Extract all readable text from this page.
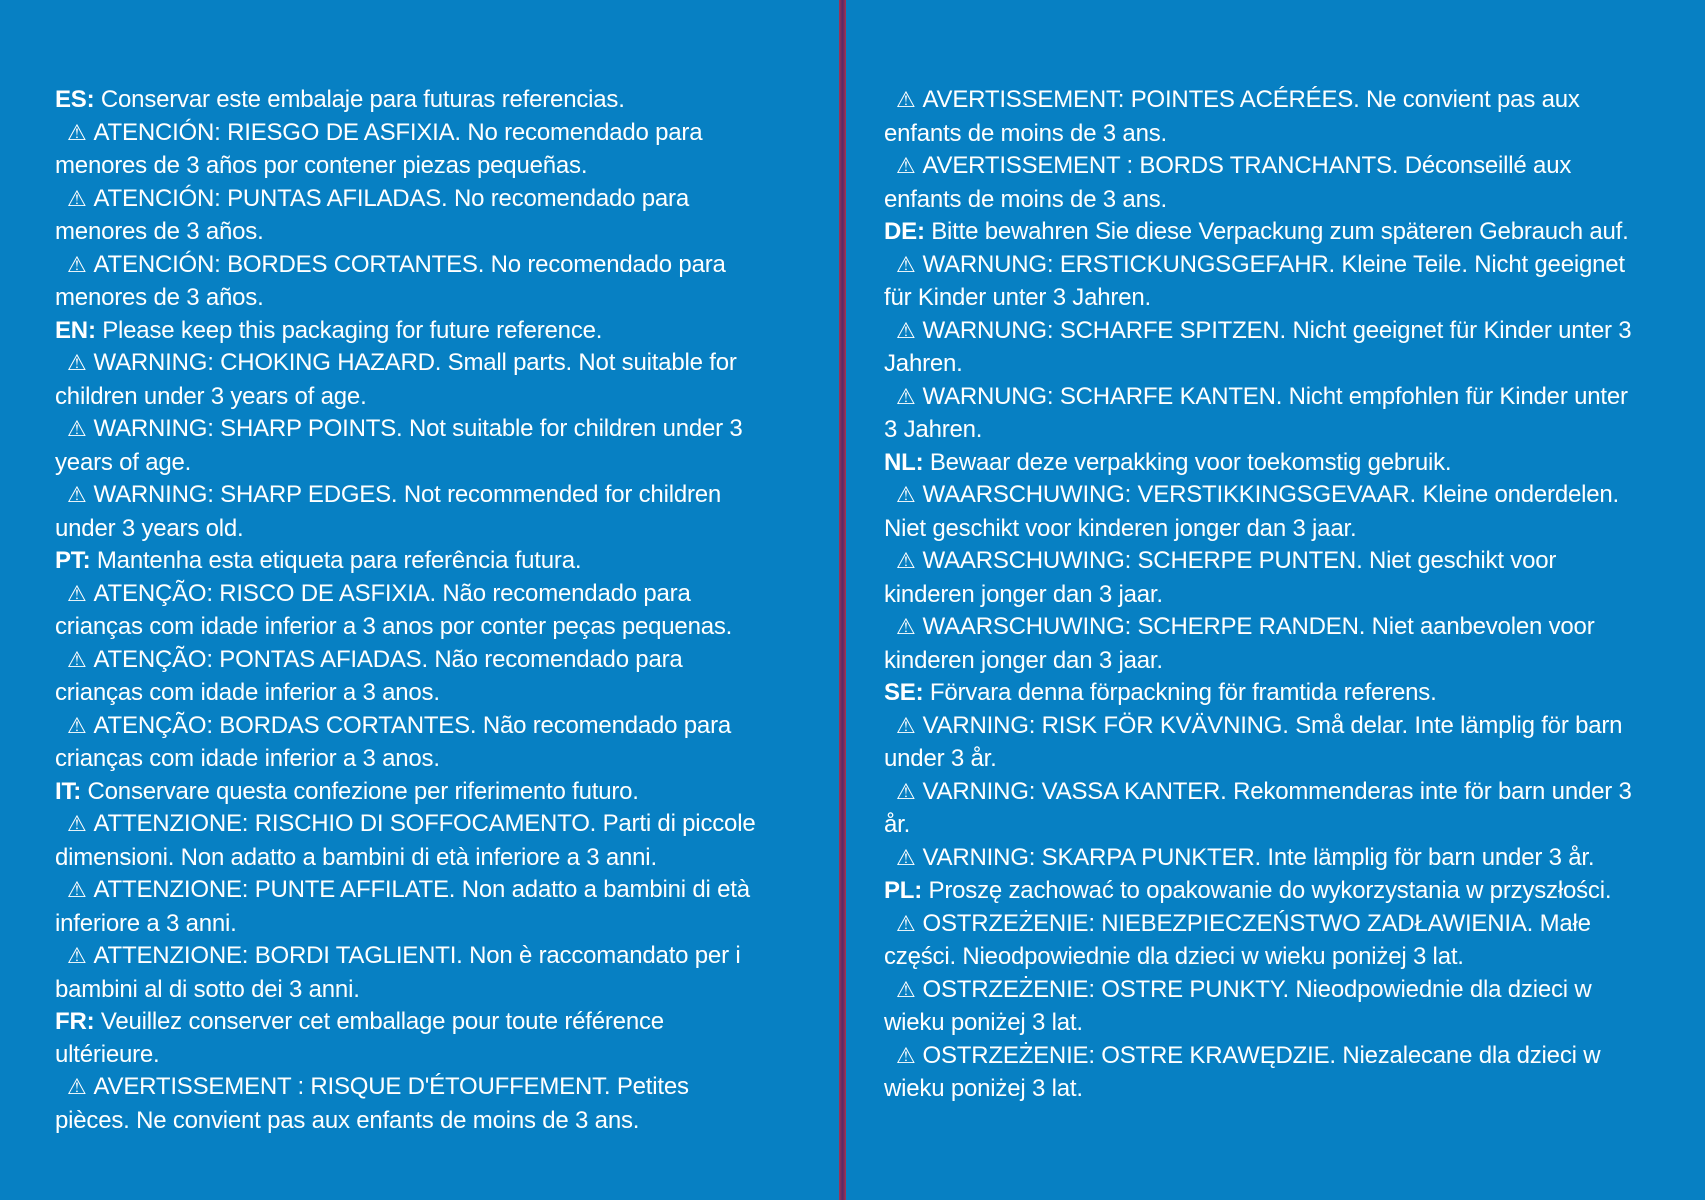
ES: Conservar este embalaje para futuras referencias.

⚠ ATENCIÓN: RIESGO DE ASFIXIA. No recomendado para menores de 3 años por contener piezas pequeñas.

⚠ ATENCIÓN: PUNTAS AFILADAS. No recomendado para menores de 3 años.

⚠ ATENCIÓN: BORDES CORTANTES. No recomendado para menores de 3 años.

EN: Please keep this packaging for future reference.

⚠ WARNING: CHOKING HAZARD. Small parts. Not suitable for children under 3 years of age.

⚠ WARNING: SHARP POINTS. Not suitable for children under 3 years of age.

⚠ WARNING: SHARP EDGES. Not recommended for children under 3 years old.

PT: Mantenha esta etiqueta para referência futura.

⚠ ATENÇÃO: RISCO DE ASFIXIA. Não recomendado para crianças com idade inferior a 3 anos por conter peças pequenas.

⚠ ATENÇÃO: PONTAS AFIADAS. Não recomendado para crianças com idade inferior a 3 anos.

⚠ ATENÇÃO: BORDAS CORTANTES. Não recomendado para crianças com idade inferior a 3 anos.

IT: Conservare questa confezione per riferimento futuro.

⚠ ATTENZIONE: RISCHIO DI SOFFOCAMENTO. Parti di piccole dimensioni. Non adatto a bambini di età inferiore a 3 anni.

⚠ ATTENZIONE: PUNTE AFFILATE. Non adatto a bambini di età inferiore a 3 anni.

⚠ ATTENZIONE: BORDI TAGLIENTI. Non è raccomandato per i bambini al di sotto dei 3 anni.

FR: Veuillez conserver cet emballage pour toute référence ultérieure.

⚠ AVERTISSEMENT : RISQUE D'ÉTOUFFEMENT. Petites pièces. Ne convient pas aux enfants de moins de 3 ans.

⚠ AVERTISSEMENT: POINTES ACÉRÉES. Ne convient pas aux enfants de moins de 3 ans.

⚠ AVERTISSEMENT : BORDS TRANCHANTS. Déconseillé aux enfants de moins de 3 ans.

DE: Bitte bewahren Sie diese Verpackung zum späteren Gebrauch auf.

⚠ WARNUNG: ERSTICKUNGSGEFAHR. Kleine Teile. Nicht geeignet für Kinder unter 3 Jahren.

⚠ WARNUNG: SCHARFE SPITZEN. Nicht geeignet für Kinder unter 3 Jahren.

⚠ WARNUNG: SCHARFE KANTEN. Nicht empfohlen für Kinder unter 3 Jahren.

NL: Bewaar deze verpakking voor toekomstig gebruik.

⚠ WAARSCHUWING: VERSTIKKINGSGEVAAR. Kleine onderdelen. Niet geschikt voor kinderen jonger dan 3 jaar.

⚠ WAARSCHUWING: SCHERPE PUNTEN. Niet geschikt voor kinderen jonger dan 3 jaar.

⚠ WAARSCHUWING: SCHERPE RANDEN. Niet aanbevolen voor kinderen jonger dan 3 jaar.

SE: Förvara denna förpackning för framtida referens.

⚠ VARNING: RISK FÖR KVÄVNING. Små delar. Inte lämplig för barn under 3 år.

⚠ VARNING: VASSA KANTER. Rekommenderas inte för barn under 3 år.

⚠ VARNING: SKARPA PUNKTER. Inte lämplig för barn under 3 år.

PL: Proszę zachować to opakowanie do wykorzystania w przyszłości.

⚠ OSTRZEŻENIE: NIEBEZPIECZEŃSTWO ZADŁAWIENIA. Małe części. Nieodpowiednie dla dzieci w wieku poniżej 3 lat.

⚠ OSTRZEŻENIE: OSTRE PUNKTY. Nieodpowiednie dla dzieci w wieku poniżej 3 lat.

⚠ OSTRZEŻENIE: OSTRE KRAWĘDZIE. Niezalecane dla dzieci w wieku poniżej 3 lat.
